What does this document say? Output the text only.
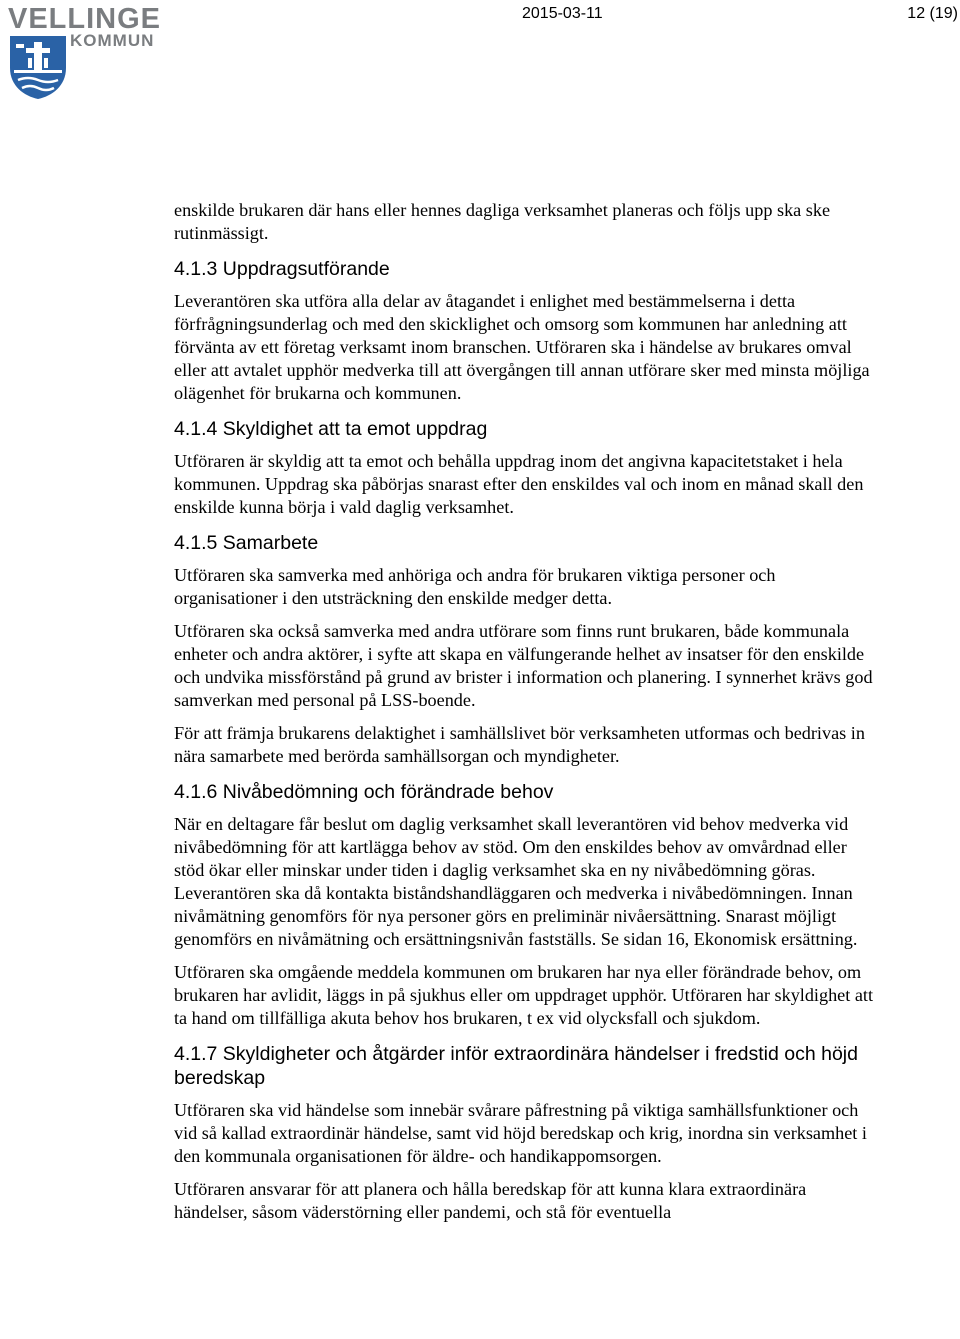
VELLINGE
KOMMUN
2015-03-11	12 (19)

enskilde brukaren där hans eller hennes dagliga verksamhet planeras och följs upp ska ske rutinmässigt.

4.1.3 Uppdragsutförande

Leverantören ska utföra alla delar av åtagandet i enlighet med bestämmelserna i detta förfrågningsunderlag och med den skicklighet och omsorg som kommunen har anledning att förvänta av ett företag verksamt inom branschen. Utföraren ska i händelse av brukares omval eller att avtalet upphör medverka till att övergången till annan utförare sker med minsta möjliga olägenhet för brukarna och kommunen.

4.1.4 Skyldighet att ta emot uppdrag

Utföraren är skyldig att ta emot och behålla uppdrag inom det angivna kapacitetstaket i hela kommunen. Uppdrag ska påbörjas snarast efter den enskildes val och inom en månad skall den enskilde kunna börja i vald daglig verksamhet.

4.1.5 Samarbete

Utföraren ska samverka med anhöriga och andra för brukaren viktiga personer och organisationer i den utsträckning den enskilde medger detta.

Utföraren ska också samverka med andra utförare som finns runt brukaren, både kommunala enheter och andra aktörer, i syfte att skapa en välfungerande helhet av insatser för den enskilde och undvika missförstånd på grund av brister i information och planering. I synnerhet krävs god samverkan med personal på LSS-boende.

För att främja brukarens delaktighet i samhällslivet bör verksamheten utformas och bedrivas in nära samarbete med berörda samhällsorgan och myndigheter.

4.1.6 Nivåbedömning och förändrade behov

När en deltagare får beslut om daglig verksamhet skall leverantören vid behov medverka vid nivåbedömning för att kartlägga behov av stöd. Om den enskildes behov av omvårdnad eller stöd ökar eller minskar under tiden i daglig verksamhet ska en ny nivåbedömning göras. Leverantören ska då kontakta biståndshandläggaren och medverka i nivåbedömningen. Innan nivåmätning genomförs för nya personer görs en preliminär nivåersättning. Snarast möjligt genomförs en nivåmätning och ersättningsnivån fastställs. Se sidan 16, Ekonomisk ersättning.

Utföraren ska omgående meddela kommunen om brukaren har nya eller förändrade behov, om brukaren har avlidit, läggs in på sjukhus eller om uppdraget upphör. Utföraren har skyldighet att ta hand om tillfälliga akuta behov hos brukaren, t ex vid olycksfall och sjukdom.

4.1.7 Skyldigheter och åtgärder inför extraordinära händelser i fredstid och höjd beredskap

Utföraren ska vid händelse som innebär svårare påfrestning på viktiga samhällsfunktioner och vid så kallad extraordinär händelse, samt vid höjd beredskap och krig, inordna sin verksamhet i den kommunala organisationen för äldre- och handikappomsorgen.

Utföraren ansvarar för att planera och hålla beredskap för att kunna klara extraordinära händelser, såsom väderstörning eller pandemi, och stå för eventuella
